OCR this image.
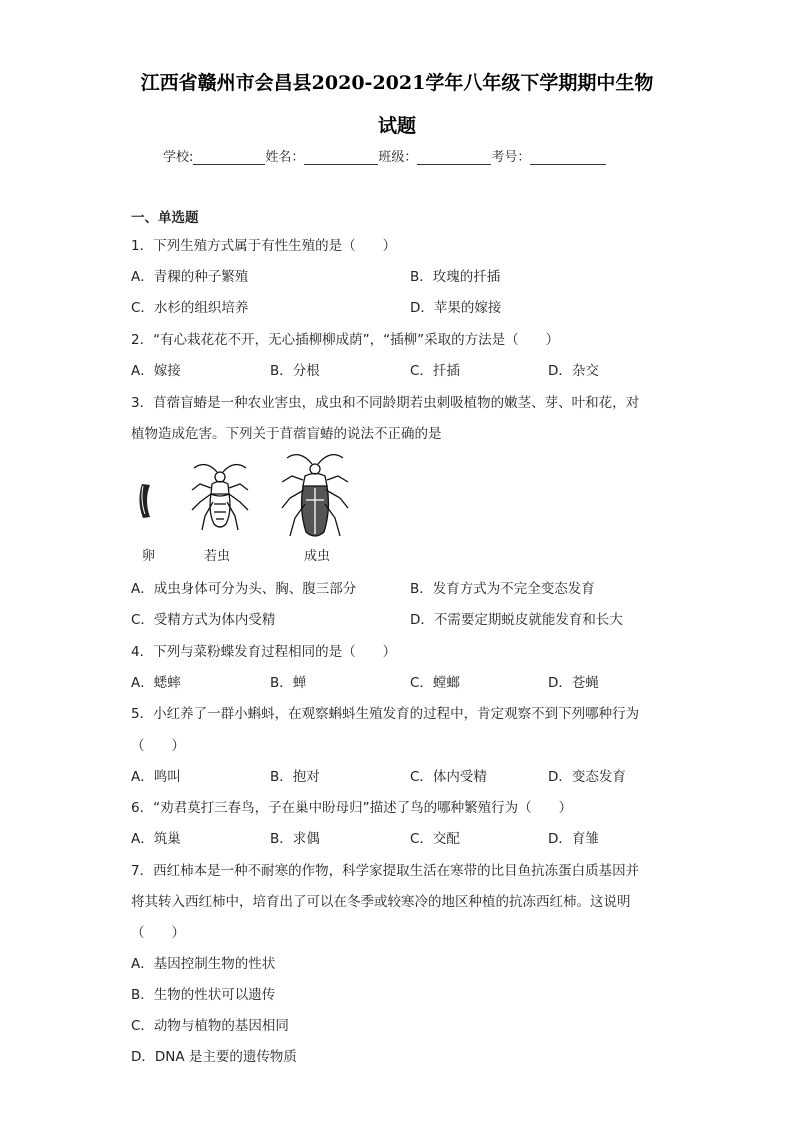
江西省赣州市会昌县2020-2021学年八年级下学期期中生物
试题
学校:	姓名：	班级：	考号：
一、单选题
1．下列生殖方式属于有性生殖的是（　　）
A．青稞的种子繁殖	B．玫瑰的扦插
C．水杉的组织培养	D．苹果的嫁接
2．“有心栽花花不开，无心插柳柳成荫”，“插柳”采取的方法是（　　）
A．嫁接	B．分根	C．扦插	D．杂交
3．苜蓿盲蝽是一种农业害虫，成虫和不同龄期若虫刺吸植物的嫩茎、芽、叶和花，对
植物造成危害。下列关于苜蓿盲蝽的说法不正确的是
卵	若虫	成虫
A．成虫身体可分为头、胸、腹三部分	B．发育方式为不完全变态发育
C．受精方式为体内受精	D．不需要定期蜕皮就能发育和长大
4．下列与菜粉蝶发育过程相同的是（　　）
A．蟋蟀	B．蝉	C．螳螂	D．苍蝇
5．小红养了一群小蝌蚪，在观察蝌蚪生殖发育的过程中，肯定观察不到下列哪种行为
（　　）
A．鸣叫	B．抱对	C．体内受精	D．变态发育
6．“劝君莫打三春鸟，子在巢中盼母归”描述了鸟的哪种繁殖行为（　　）
A．筑巢	B．求偶	C．交配	D．育雏
7．西红柿本是一种不耐寒的作物，科学家提取生活在寒带的比目鱼抗冻蛋白质基因并
将其转入西红柿中，培育出了可以在冬季或较寒冷的地区种植的抗冻西红柿。这说明
（　　）
A．基因控制生物的性状
B．生物的性状可以遗传
C．动物与植物的基因相同
D．DNA 是主要的遗传物质
